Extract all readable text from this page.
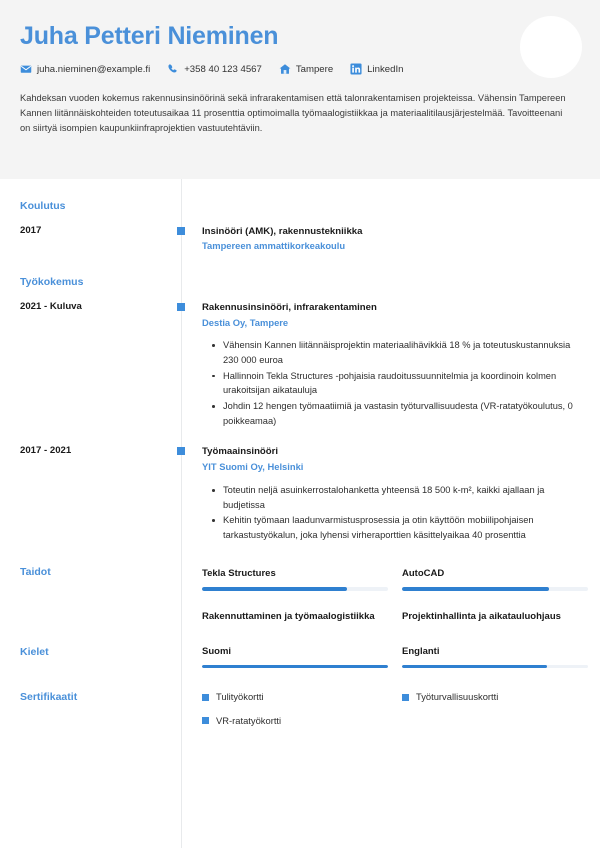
Juha Petteri Nieminen
juha.nieminen@example.fi	+358 40 123 4567	Tampere	LinkedIn

Kahdeksan vuoden kokemus rakennusinsinöörinä sekä infrarakentamisen että talonrakentamisen projekteissa. Vähensin Tampereen Kannen liitännäiskohteiden toteutusaikaa 11 prosenttia optimoimalla työmaalogistiikkaa ja materiaalitilausjärjestelmää. Tavoitteenani on siirtyä isompien kaupunkiinfraprojektien vastuutehtäviin.

Koulutus
2017	Insinööri (AMK), rakennustekniikka
Tampereen ammattikorkeakoulu
Työkokemus
2021 - Kuluva	Rakennusinsinööri, infrarakentaminen
Destia Oy, Tampere
Vähensin Kannen liitännäisprojektin materiaalihävikkiä 18 % ja toteutuskustannuksia 230 000 euroa
Hallinnoin Tekla Structures -pohjaisia raudoitussuunnitelmia ja koordinoin kolmen urakoitsijan aikatauluja
Johdin 12 hengen työmaatiimiä ja vastasin työturvallisuudesta (VR-ratatyökoulutus, 0 poikkeamaa)
2017 - 2021	Työmaainsinööri
YIT Suomi Oy, Helsinki
Toteutin neljä asuinkerrostalohanketta yhteensä 18 500 k-m², kaikki ajallaan ja budjetissa
Kehitin työmaan laadunvarmistusprosessia ja otin käyttöön mobiilipohjaisen tarkastustyökalun, joka lyhensi virheraporttien käsittelyaikaa 40 prosenttia
Taidot	Tekla Structures	AutoCAD
Rakennuttaminen ja työmaalogistiikka	Projektinhallinta ja aikatauluohjaus
Kielet	Suomi	Englanti
Sertifikaatit	Tulityökortti	Työturvallisuuskortti
VR-ratatyökortti
